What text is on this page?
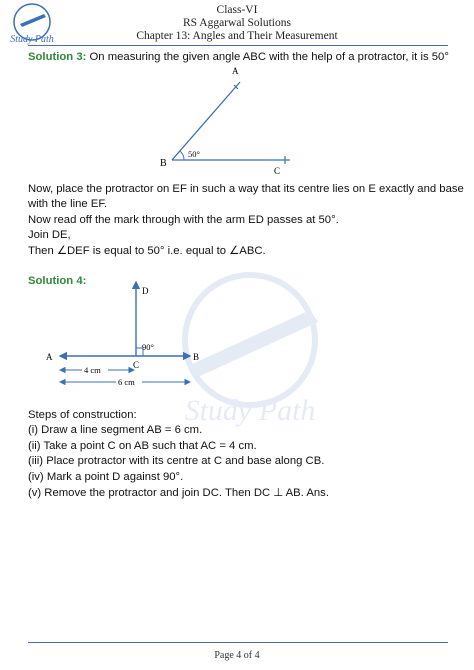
Study Path
Class-VI
RS Aggarwal Solutions
Chapter 13: Angles and Their Measurement
Study Path
Solution 3: On measuring the given angle ABC with the help of a protractor, it is 50°
A
B
C
50°
Now, place the protractor on EF in such a way that its centre lies on E exactly and base
with the line EF.
Now read off the mark through with the arm ED passes at 50°.
Join DE,
Then ∠DEF is equal to 50° i.e. equal to ∠ABC.
Solution 4:
A	B
C
D
90°
4 cm
6 cm
Steps of construction:
(i) Draw a line segment AB = 6 cm.
(ii) Take a point C on AB such that AC = 4 cm.
(iii) Place protractor with its centre at C and base along CB.
(iv) Mark a point D against 90°.
(v) Remove the protractor and join DC. Then DC ⊥ AB. Ans.
Page 4 of 4
